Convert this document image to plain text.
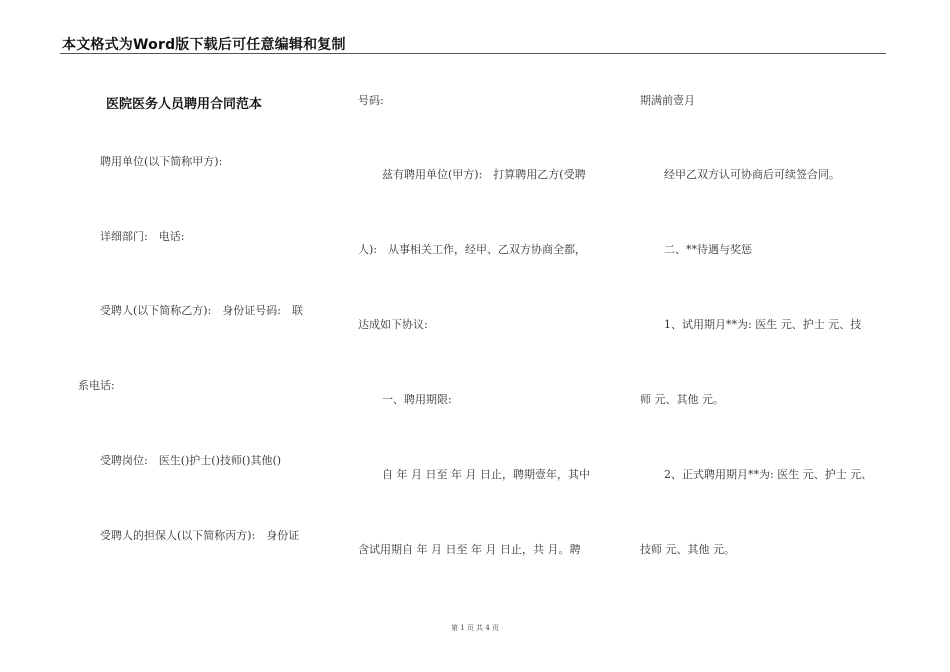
本文格式为Word版下载后可任意编辑和复制
医院医务人员聘用合同范本
聘用单位(以下简称甲方):
详细部门:　电话:
受聘人(以下简称乙方):　身份证号码:　联
系电话:
受聘岗位:　医生()护士()技师()其他()
受聘人的担保人(以下简称丙方):　身份证
号码:
兹有聘用单位(甲方):　打算聘用乙方(受聘
人):　从事相关工作，经甲、乙双方协商全都，
达成如下协议:
一、聘用期限:
自 年 月 日至 年 月 日止，聘期壹年，其中
含试用期自 年 月 日至 年 月 日止，共 月。聘
期满前壹月
经甲乙双方认可协商后可续签合同。
二、**待遇与奖惩
1、试用期月**为: 医生 元、护士 元、技
师 元、其他 元。
2、正式聘用期月**为: 医生 元、护士 元、
技师 元、其他 元。
第 1 页 共 4 页
